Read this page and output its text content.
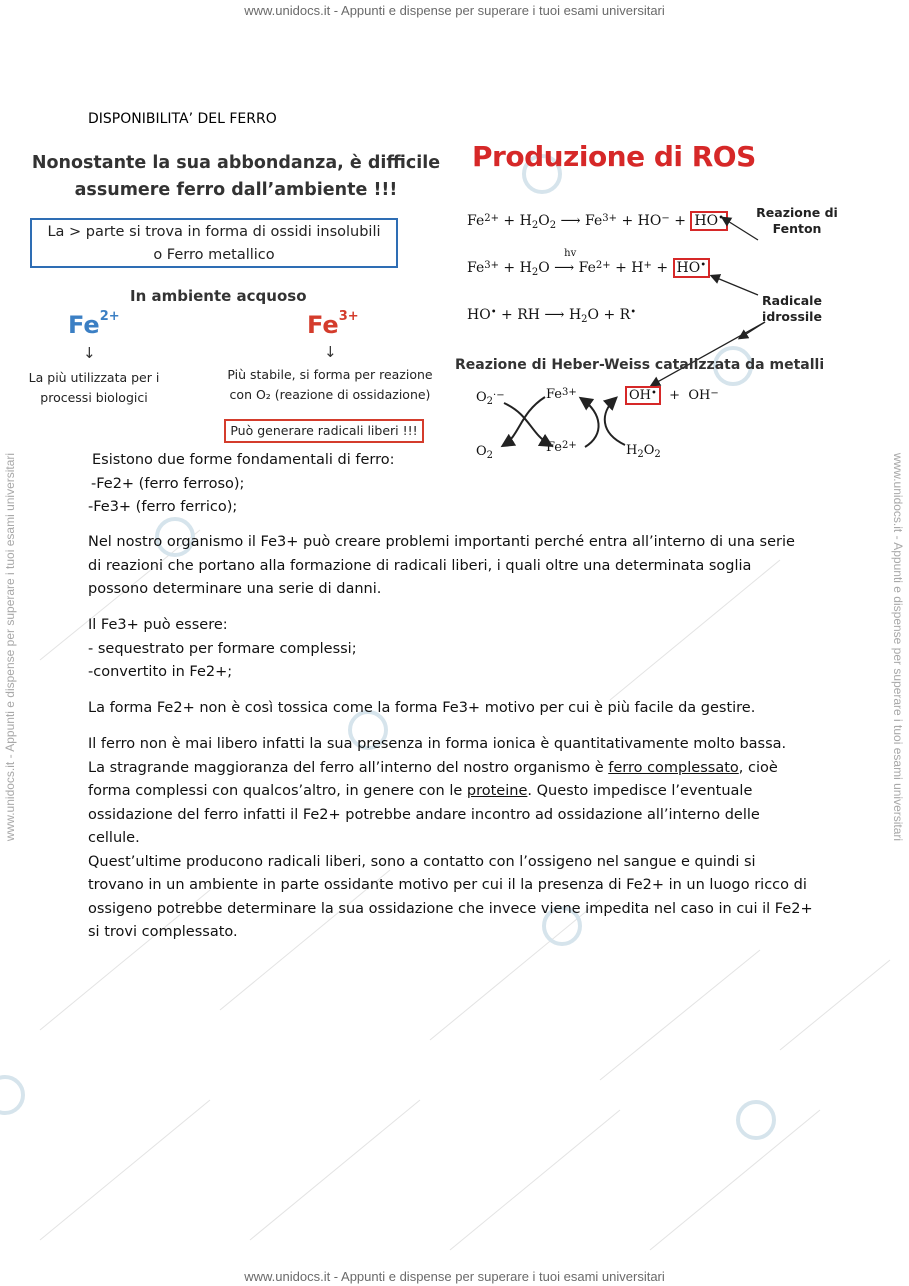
www.unidocs.it - Appunti e dispense per superare i tuoi esami universitari
www.unidocs.it - Appunti e dispense per superare i tuoi esami universitari
www.unidocs.it - Appunti e dispense per superare i tuoi esami universitari	www.unidocs.it - Appunti e dispense per superare i tuoi esami universitari
DISPONIBILITA’ DEL FERRO
Nonostante la sua abbondanza, è difficile
assumere ferro dall’ambiente !!!
La > parte si trova in forma di ossidi insolubili
o Ferro metallico
In ambiente acquoso
$Fe^{2+}$	$Fe^{3+}$
↓	↓
La più utilizzata per i
processi biologici
Più stabile, si forma per reazione
con O₂ (reazione di ossidazione)
Può generare radicali liberi !!!
Produzione di ROS
$Fe^{2+} + H2O2$ ⟶ $Fe^{3+} + HO^- + HO^•$
$Fe^{3+} + H2O$
hv
⟶ $Fe^{2+} + H^+ + HO^•$
HO• + RH ⟶ H2O + R•
Reazione di
Fenton
Radicale
idrossile
Reazione di Heber-Weiss catalizzata da metalli
O2·−	$Fe^{3+}$
O2
$Fe^{2+}$
OH•  +  OH−
H2O2

Esistono due forme fondamentali di ferro:

-Fe2+ (ferro ferroso);

-Fe3+ (ferro ferrico);

Nel nostro organismo il Fe3+ può creare problemi importanti perché entra all’interno di una serie

di reazioni che portano alla formazione di radicali liberi, i quali oltre una determinata soglia

possono determinare una serie di danni.

Il Fe3+ può essere:

- sequestrato per formare complessi;

-convertito in Fe2+;

La forma Fe2+ non è così tossica come la forma Fe3+ motivo per cui è più facile da gestire.

Il ferro non è mai libero infatti la sua presenza in forma ionica è quantitativamente molto bassa.

La stragrande maggioranza del ferro all’interno del nostro organismo è ferro complessato, cioè

forma complessi con qualcos’altro, in genere con le proteine. Questo impedisce l’eventuale

ossidazione del ferro infatti il Fe2+ potrebbe andare incontro ad ossidazione all’interno delle

cellule.

Quest’ultime producono radicali liberi, sono a contatto con l’ossigeno nel sangue e quindi si

trovano in un ambiente in parte ossidante motivo per cui il la presenza di Fe2+ in un luogo ricco di

ossigeno potrebbe determinare la sua ossidazione che invece viene impedita nel caso in cui il Fe2+

si trovi complessato.
